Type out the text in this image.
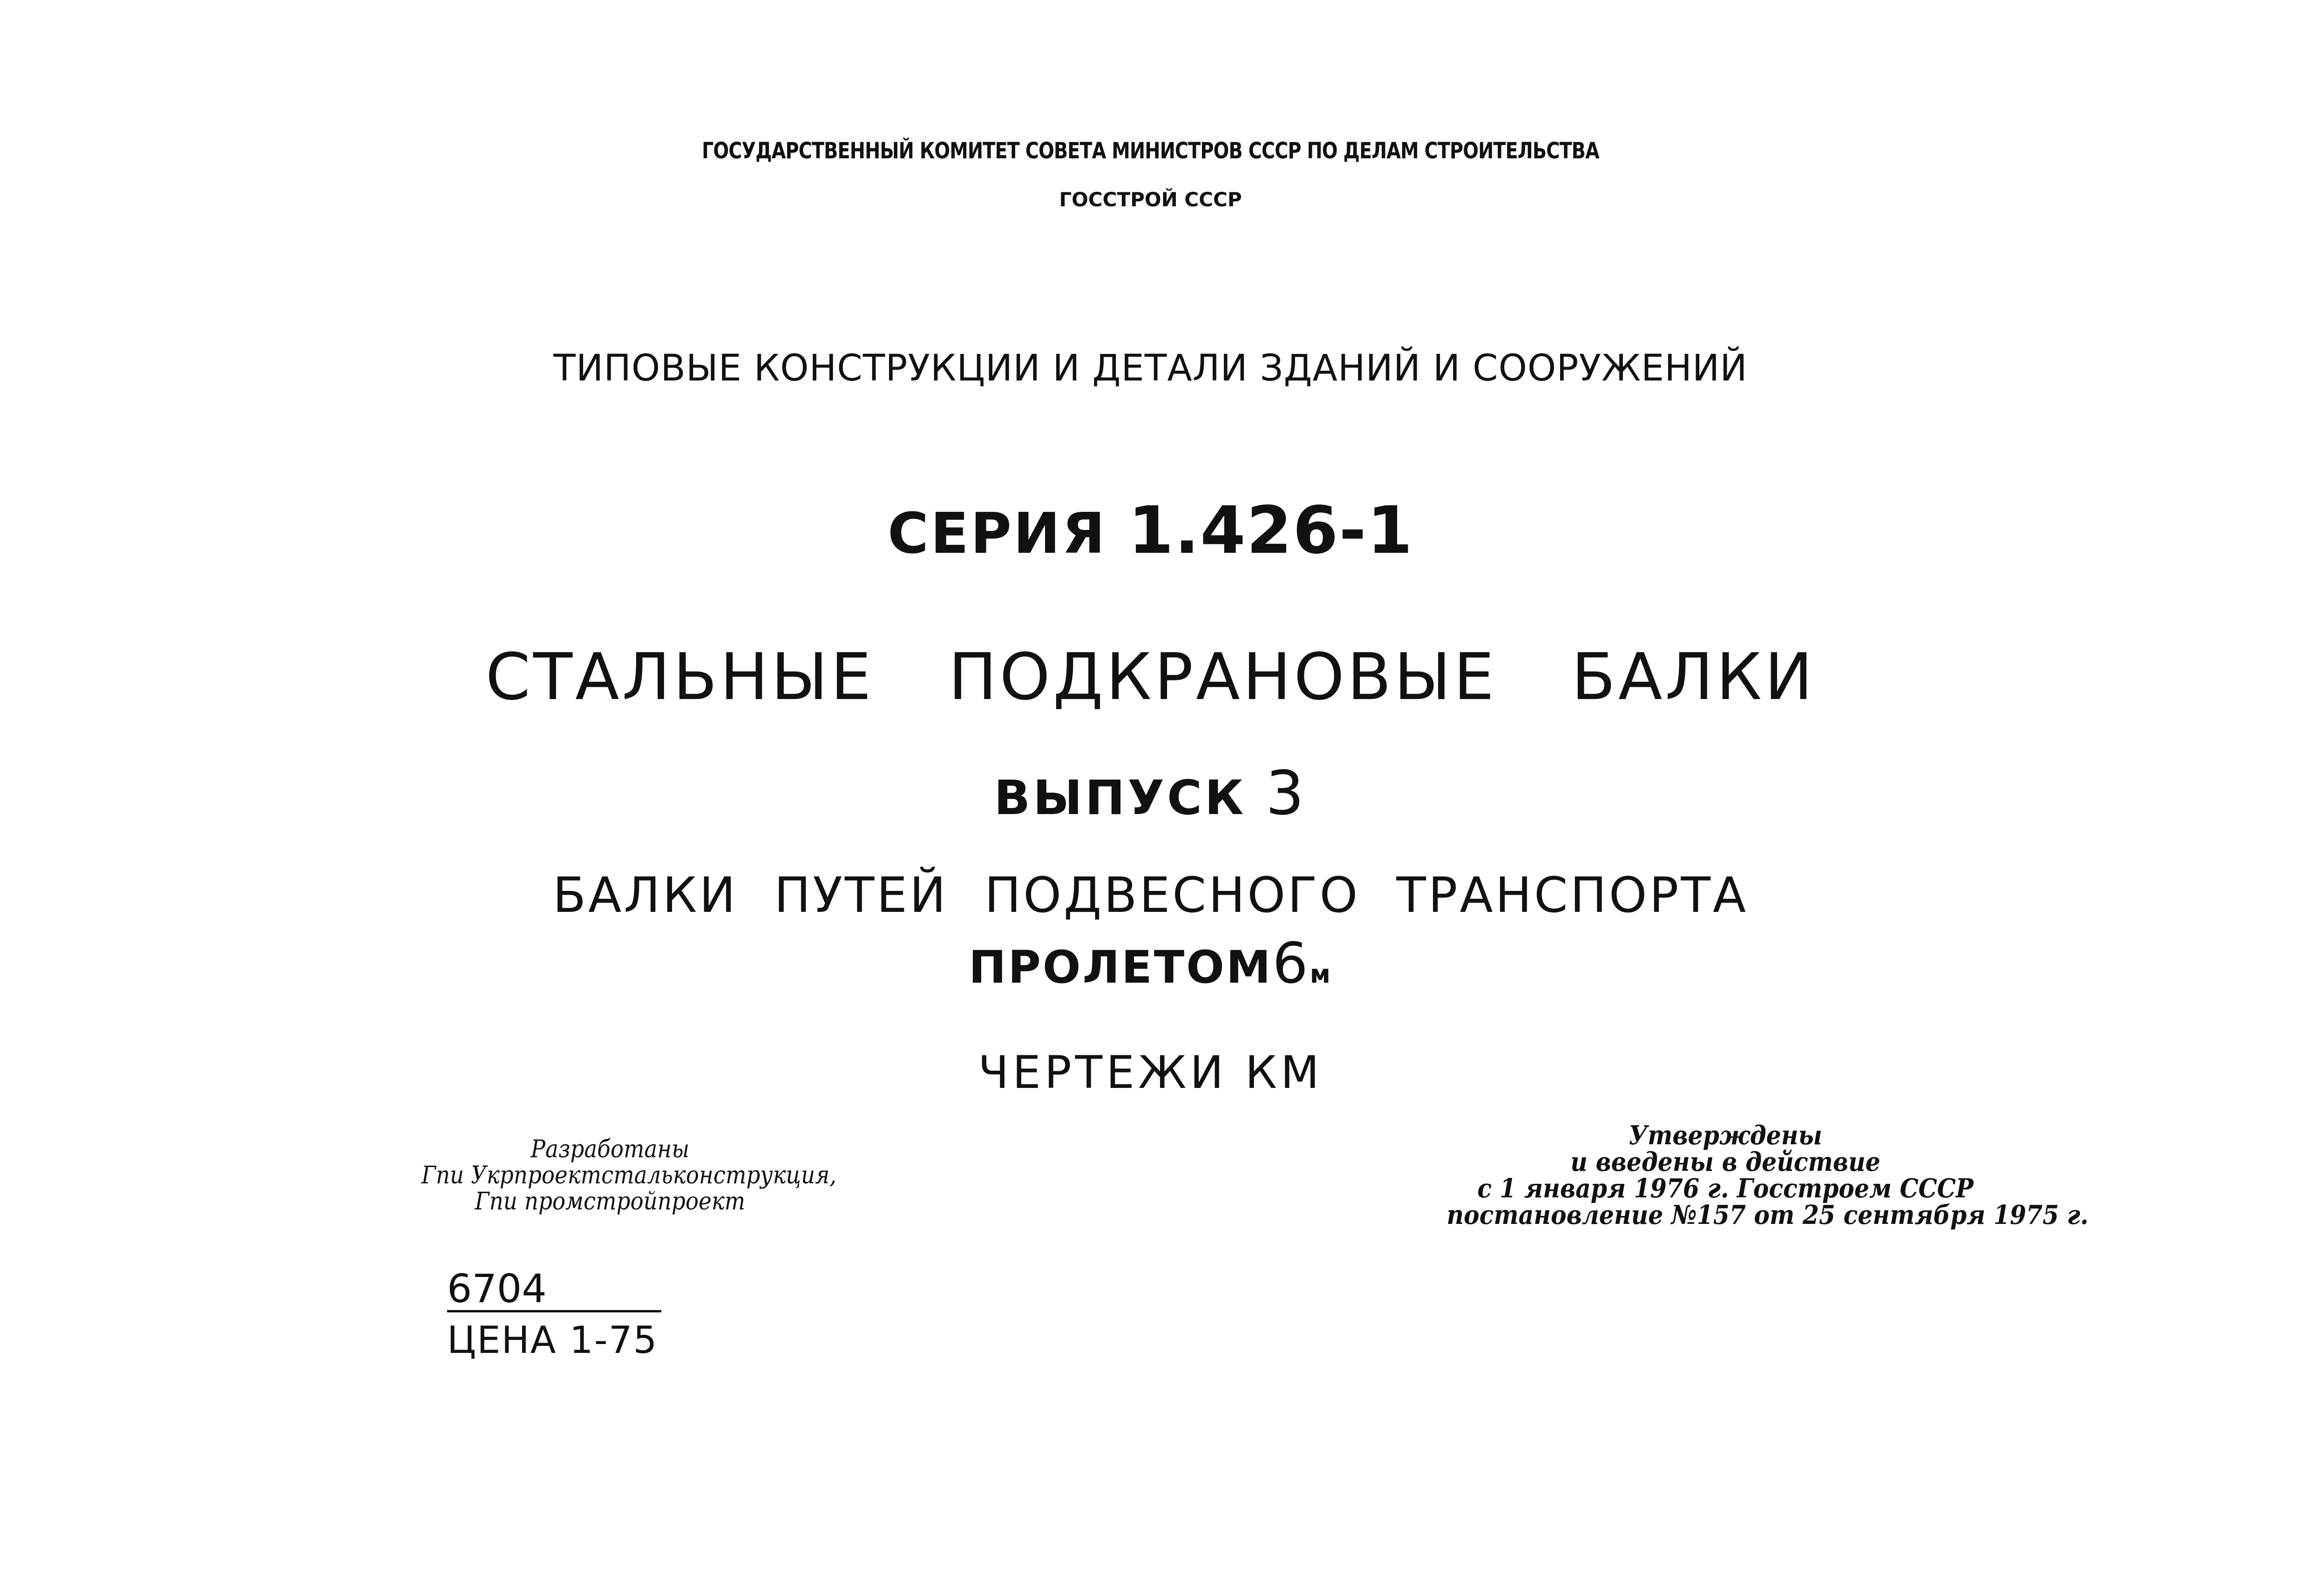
ГОСУДАРСТВЕННЫЙ КОМИТЕТ СОВЕТА МИНИСТРОВ СССР ПО ДЕЛАМ СТРОИТЕЛЬСТВА
ГОССТРОЙ СССР
ТИПОВЫЕ КОНСТРУКЦИИ И ДЕТАЛИ ЗДАНИЙ И СООРУЖЕНИЙ
СЕРИЯ 1.426-1
СТАЛЬНЫЕ ПОДКРАНОВЫЕ БАЛКИ
ВЫПУСК 3
БАЛКИ ПУТЕЙ ПОДВЕСНОГО ТРАНСПОРТА
ПРОЛЕТОМ6м
ЧЕРТЕЖИ КМ
Разработаны
Гпи Укрпроектстальконструкция,
Гпи промстройпроект
Утверждены
и введены в действие
с 1 января 1976 г. Госстроем СССР
постановление №157 от 25 сентября 1975 г.
6704
ЦЕНА 1-75
